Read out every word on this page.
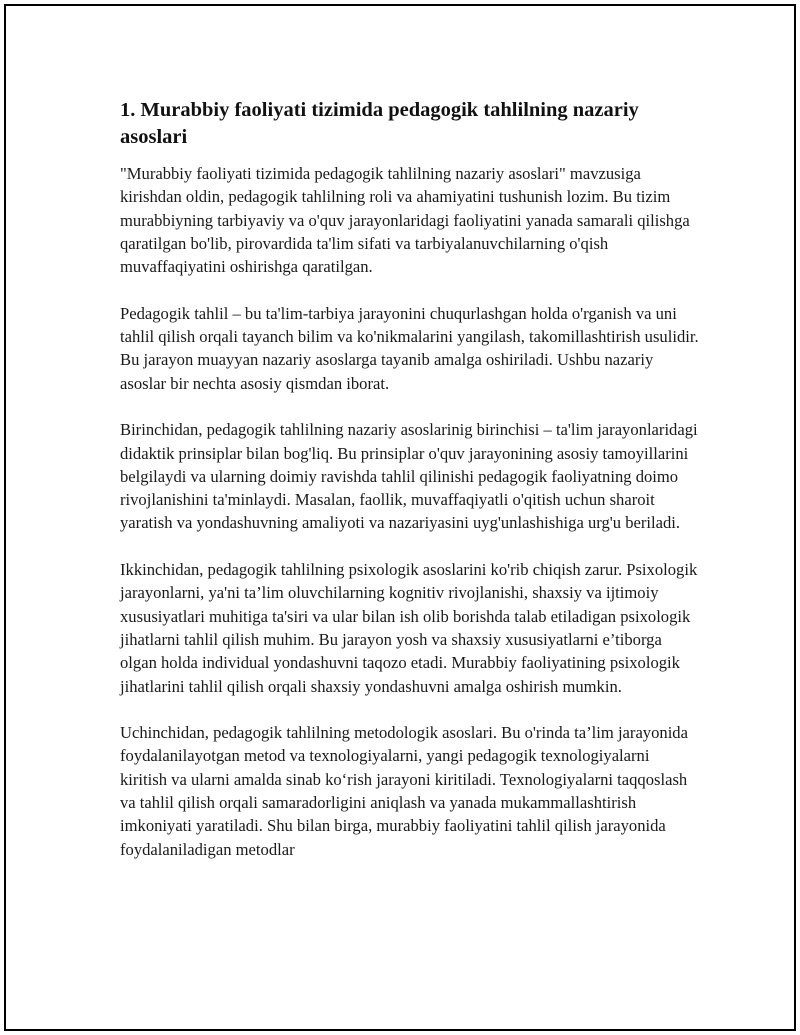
1. Murabbiy faoliyati tizimida pedagogik tahlilning nazariy asoslari

"Murabbiy faoliyati tizimida pedagogik tahlilning nazariy asoslari" mavzusiga kirishdan oldin, pedagogik tahlilning roli va ahamiyatini tushunish lozim. Bu tizim murabbiyning tarbiyaviy va o'quv jarayonlaridagi faoliyatini yanada samarali qilishga qaratilgan bo'lib, pirovardida ta'lim sifati va tarbiyalanuvchilarning o'qish muvaffaqiyatini oshirishga qaratilgan.

Pedagogik tahlil – bu ta'lim-tarbiya jarayonini chuqurlashgan holda o'rganish va uni tahlil qilish orqali tayanch bilim va ko'nikmalarini yangilash, takomillashtirish usulidir. Bu jarayon muayyan nazariy asoslarga tayanib amalga oshiriladi. Ushbu nazariy asoslar bir nechta asosiy qismdan iborat.

Birinchidan, pedagogik tahlilning nazariy asoslarinig birinchisi – ta'lim jarayonlaridagi didaktik prinsiplar bilan bog'liq. Bu prinsiplar o'quv jarayonining asosiy tamoyillarini belgilaydi va ularning doimiy ravishda tahlil qilinishi pedagogik faoliyatning doimo rivojlanishini ta'minlaydi. Masalan, faollik, muvaffaqiyatli o'qitish uchun sharoit yaratish va yondashuvning amaliyoti va nazariyasini uyg'unlashishiga urg'u beriladi.

Ikkinchidan, pedagogik tahlilning psixologik asoslarini ko'rib chiqish zarur. Psixologik jarayonlarni, ya'ni ta’lim oluvchilarning kognitiv rivojlanishi, shaxsiy va ijtimoiy xususiyatlari muhitiga ta'siri va ular bilan ish olib borishda talab etiladigan psixologik jihatlarni tahlil qilish muhim. Bu jarayon yosh va shaxsiy xususiyatlarni e’tiborga olgan holda individual yondashuvni taqozo etadi. Murabbiy faoliyatining psixologik jihatlarini tahlil qilish orqali shaxsiy yondashuvni amalga oshirish mumkin.

Uchinchidan, pedagogik tahlilning metodologik asoslari. Bu o'rinda ta’lim jarayonida foydalanilayotgan metod va texnologiyalarni, yangi pedagogik texnologiyalarni kiritish va ularni amalda sinab ko‘rish jarayoni kiritiladi. Texnologiyalarni taqqoslash va tahlil qilish orqali samaradorligini aniqlash va yanada mukammallashtirish imkoniyati yaratiladi. Shu bilan birga, murabbiy faoliyatini tahlil qilish jarayonida foydalaniladigan metodlar
